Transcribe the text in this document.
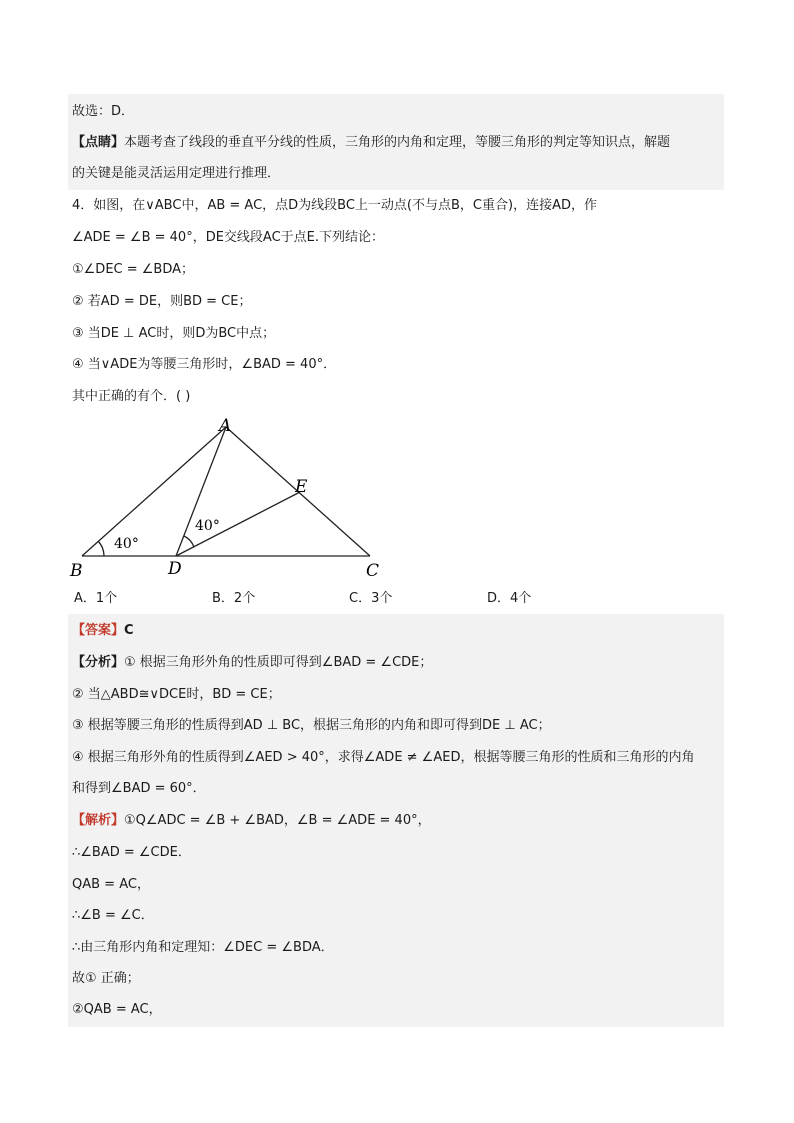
故选：D．
【点睛】本题考查了线段的垂直平分线的性质，三角形的内角和定理，等腰三角形的判定等知识点，解题
的关键是能灵活运用定理进行推理．
4．如图，在∨ABC中，AB = AC，点D为线段BC上一动点(不与点B，C重合)，连接AD，作
∠ADE = ∠B = 40°，DE交线段AC于点E.下列结论：
①∠DEC = ∠BDA；
② 若AD = DE，则BD = CE；
③ 当DE ⊥ AC时，则D为BC中点；
④ 当∨ADE为等腰三角形时，∠BAD = 40°．
其中正确的有个．( )
A
B	C
D
E
40°
40°
A．1个	B．2个	C．3个	D．4个
【答案】C
【分析】① 根据三角形外角的性质即可得到∠BAD = ∠CDE；
② 当△ABD≅∨DCE时，BD = CE；
③ 根据等腰三角形的性质得到AD ⊥ BC，根据三角形的内角和即可得到DE ⊥ AC；
④ 根据三角形外角的性质得到∠AED > 40°，求得∠ADE ≠ ∠AED，根据等腰三角形的性质和三角形的内角
和得到∠BAD = 60°．
【解析】①Q∠ADC = ∠B + ∠BAD，∠B = ∠ADE = 40°，
∴∠BAD = ∠CDE．
QAB = AC，
∴∠B = ∠C．
∴由三角形内角和定理知：∠DEC = ∠BDA．
故① 正确；
②QAB = AC，
